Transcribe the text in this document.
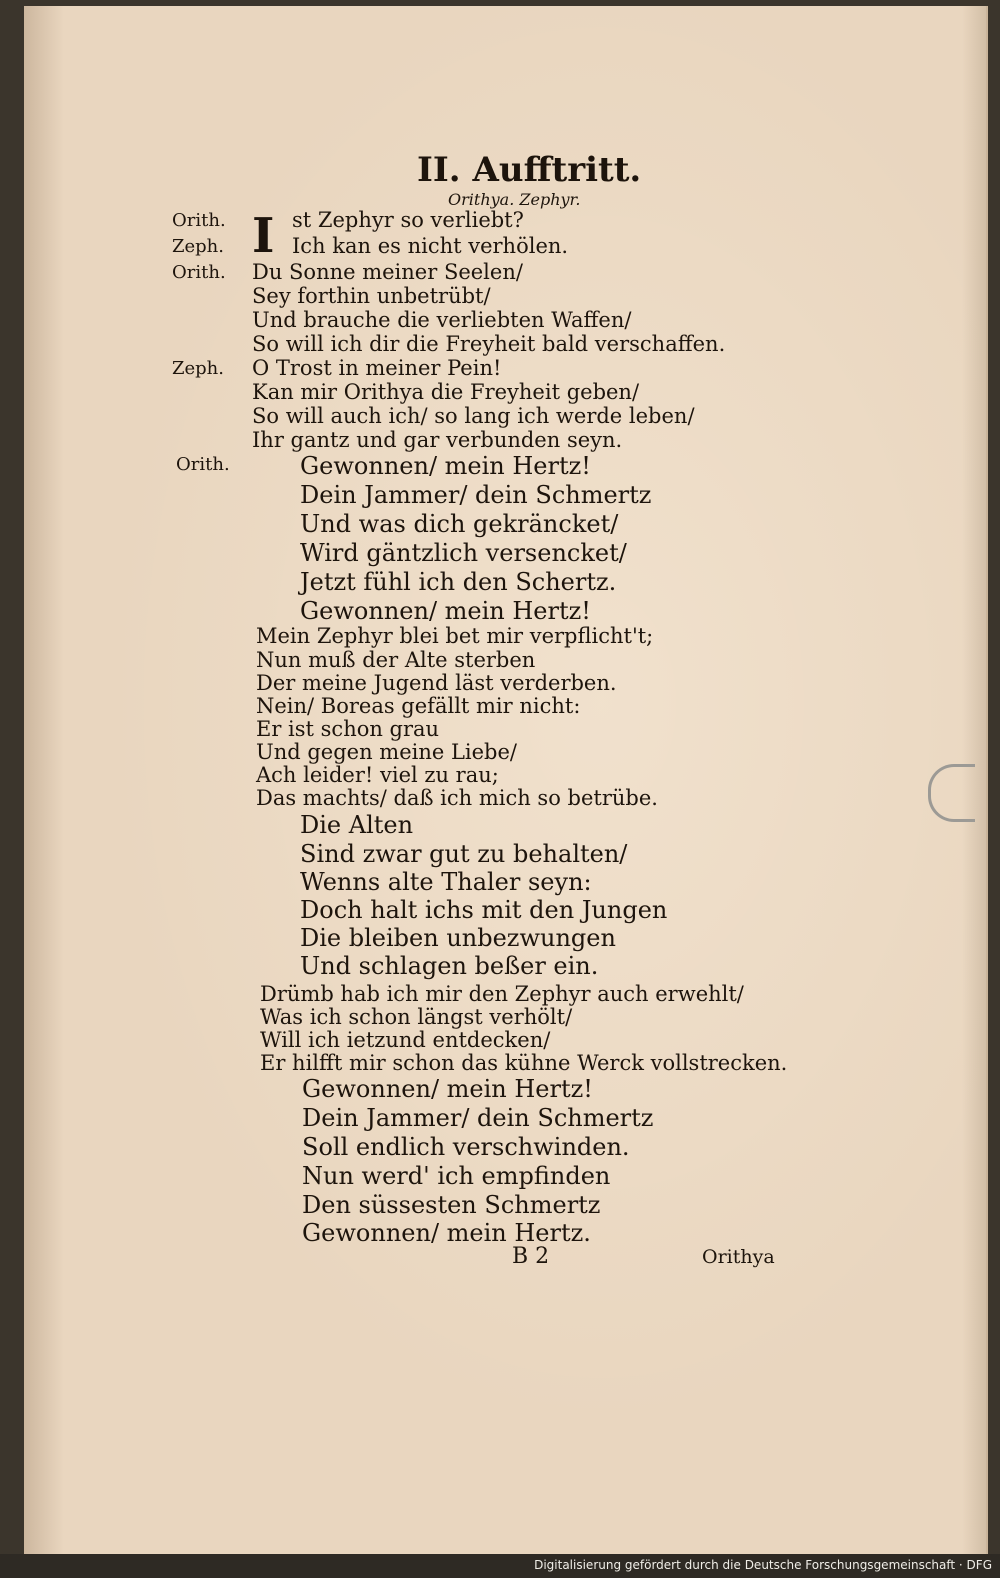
II. Aufftritt.
Orithya. Zephyr.
I
Orith.
Zeph.
Orith.
Zeph.
Orith.
st Zephyr so verliebt?
Ich kan es nicht verhölen.
Du Sonne meiner Seelen/
Sey forthin unbetrübt/
Und brauche die verliebten Waffen/
So will ich dir die Freyheit bald verschaffen.
O Trost in meiner Pein!
Kan mir Orithya die Freyheit geben/
So will auch ich/ so lang ich werde leben/
Ihr gantz und gar verbunden seyn.
Gewonnen/ mein Hertz!
Dein Jammer/ dein Schmertz
Und was dich gekräncket/
Wird gäntzlich versencket/
Jetzt fühl ich den Schertz.
Gewonnen/ mein Hertz!
Mein Zephyr blei bet mir verpflicht't;
Nun muß der Alte sterben
Der meine Jugend läst verderben.
Nein/ Boreas gefällt mir nicht:
Er ist schon grau
Und gegen meine Liebe/
Ach leider! viel zu rau;
Das machts/ daß ich mich so betrübe.
Die Alten
Sind zwar gut zu behalten/
Wenns alte Thaler seyn:
Doch halt ichs mit den Jungen
Die bleiben unbezwungen
Und schlagen beßer ein.
Drümb hab ich mir den Zephyr auch erwehlt/
Was ich schon längst verhölt/
Will ich ietzund entdecken/
Er hilfft mir schon das kühne Werck vollstrecken.
Gewonnen/ mein Hertz!
Dein Jammer/ dein Schmertz
Soll endlich verschwinden.
Nun werd' ich empfinden
Den süssesten Schmertz
Gewonnen/ mein Hertz.
B 2	Orithya
Digitalisierung gefördert durch die Deutsche Forschungsgemeinschaft · DFG
